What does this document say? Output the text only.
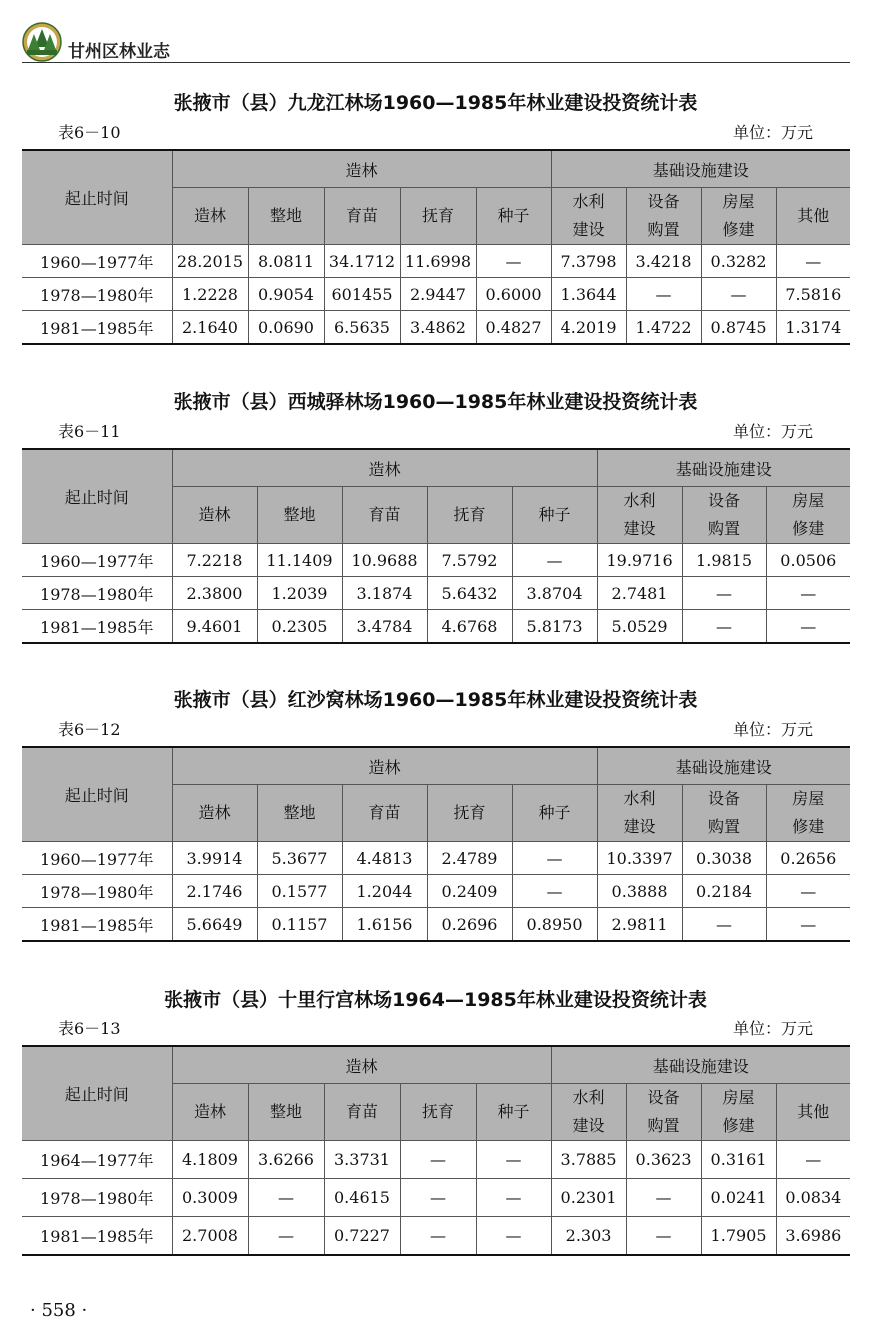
甘州区林业志
张掖市（县）九龙江林场1960—1985年林业建设投资统计表
表6－10	单位：万元
起止时间	造林					基础设施建设			
	造林	整地	育苗	抚育	种子	水利建设	设备购置	房屋修建	其他
1960—1977年	28.2015	8.0811	34.1712	11.6998	—	7.3798	3.4218	0.3282	—
1978—1980年	1.2228	0.9054	601455	2.9447	0.6000	1.3644	—	—	7.5816
1981—1985年	2.1640	0.0690	6.5635	3.4862	0.4827	4.2019	1.4722	0.8745	1.3174
张掖市（县）西城驿林场1960—1985年林业建设投资统计表
表6－11	单位：万元
起止时间	造林					基础设施建设		
	造林	整地	育苗	抚育	种子	水利建设	设备购置	房屋修建
1960—1977年	7.2218	11.1409	10.9688	7.5792	—	19.9716	1.9815	0.0506
1978—1980年	2.3800	1.2039	3.1874	5.6432	3.8704	2.7481	—	—
1981—1985年	9.4601	0.2305	3.4784	4.6768	5.8173	5.0529	—	—
张掖市（县）红沙窝林场1960—1985年林业建设投资统计表
表6－12	单位：万元
起止时间	造林					基础设施建设		
	造林	整地	育苗	抚育	种子	水利建设	设备购置	房屋修建
1960—1977年	3.9914	5.3677	4.4813	2.4789	—	10.3397	0.3038	0.2656
1978—1980年	2.1746	0.1577	1.2044	0.2409	—	0.3888	0.2184	—
1981—1985年	5.6649	0.1157	1.6156	0.2696	0.8950	2.9811	—	—
张掖市（县）十里行宫林场1964—1985年林业建设投资统计表
表6－13	单位：万元
起止时间	造林					基础设施建设			
	造林	整地	育苗	抚育	种子	水利建设	设备购置	房屋修建	其他
1964—1977年	4.1809	3.6266	3.3731	—	—	3.7885	0.3623	0.3161	—
1978—1980年	0.3009	—	0.4615	—	—	0.2301	—	0.0241	0.0834
1981—1985年	2.7008	—	0.7227	—	—	2.303	—	1.7905	3.6986
· 558 ·
